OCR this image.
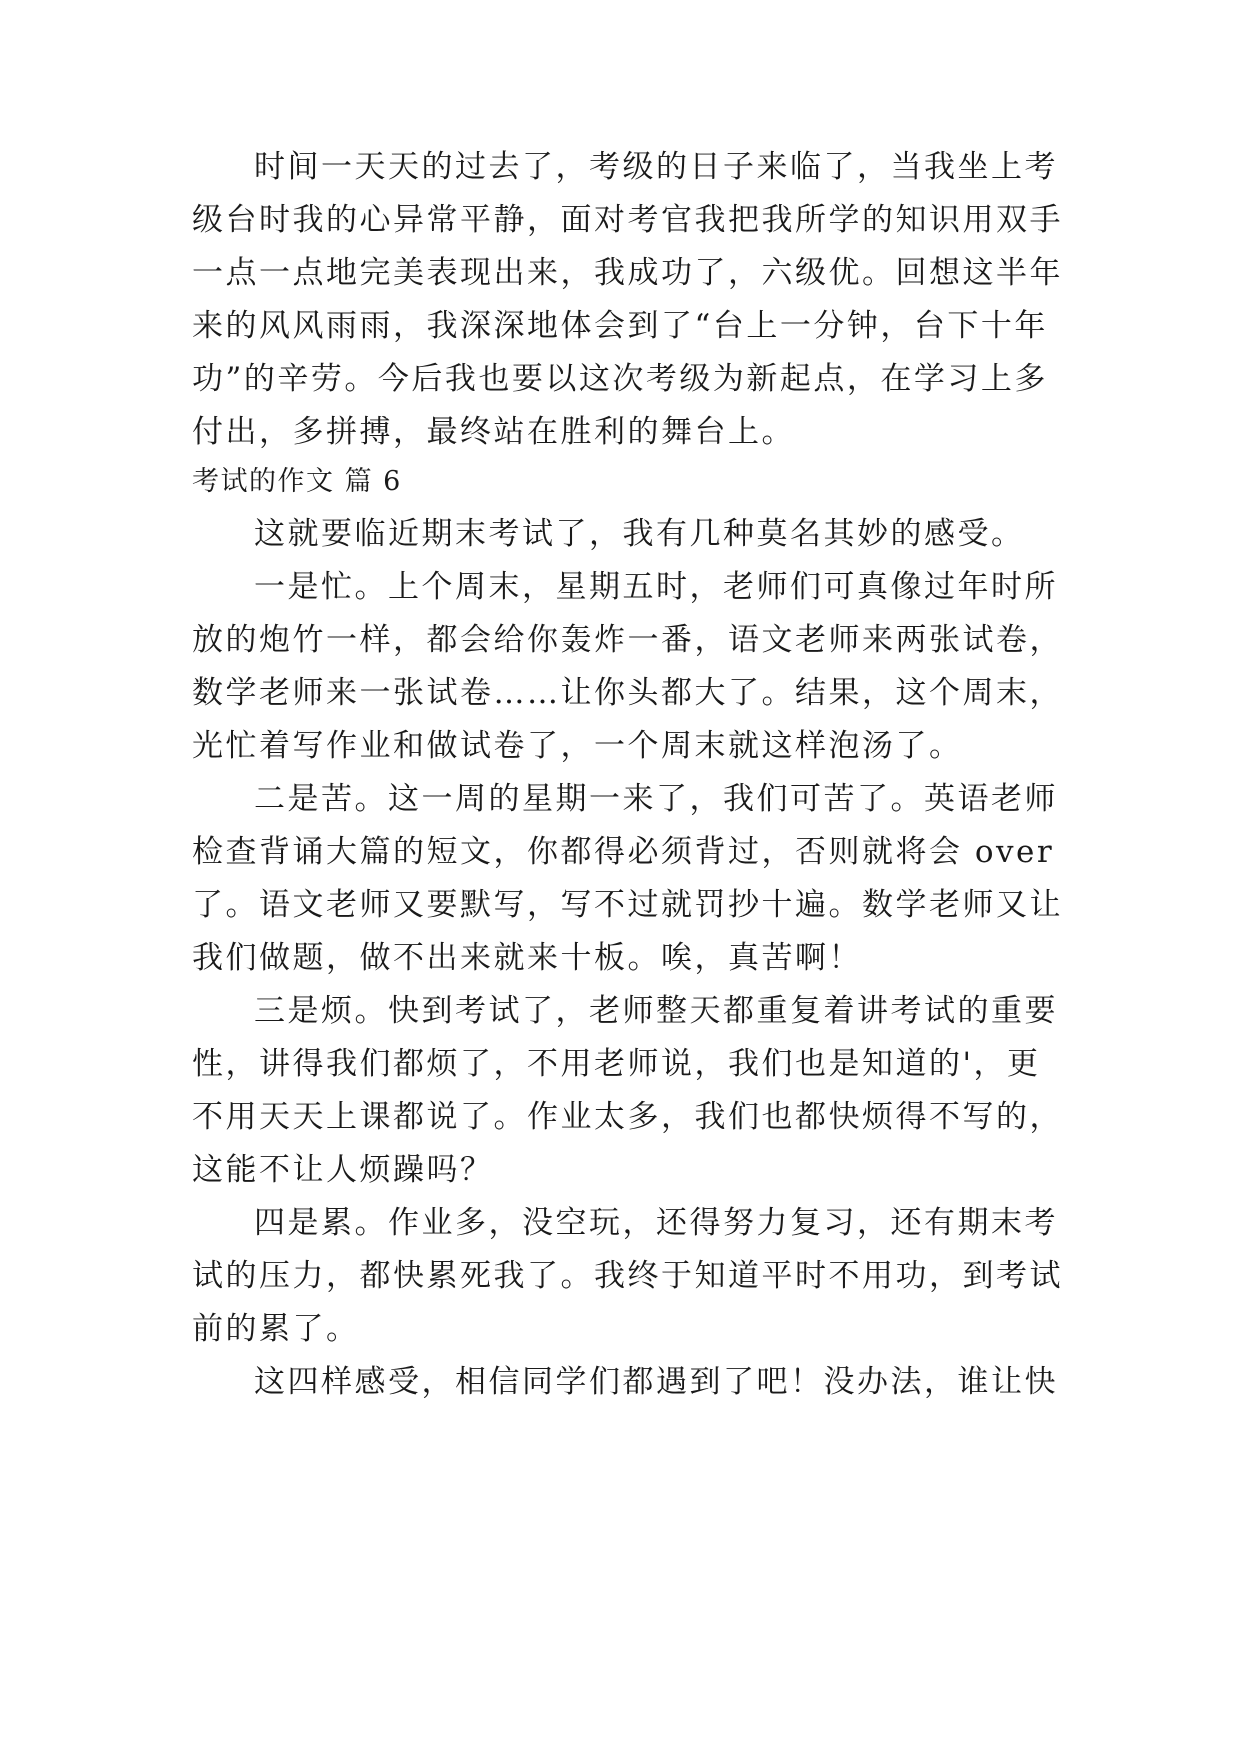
时间一天天的过去了，考级的日子来临了，当我坐上考
级台时我的心异常平静，面对考官我把我所学的知识用双手
一点一点地完美表现出来，我成功了，六级优。回想这半年
来的风风雨雨，我深深地体会到了“台上一分钟，台下十年
功”的辛劳。今后我也要以这次考级为新起点，在学习上多
付出，多拼搏，最终站在胜利的舞台上。
考试的作文 篇 6
这就要临近期末考试了，我有几种莫名其妙的感受。
一是忙。上个周末，星期五时，老师们可真像过年时所
放的炮竹一样，都会给你轰炸一番，语文老师来两张试卷，
数学老师来一张试卷……让你头都大了。结果，这个周末，
光忙着写作业和做试卷了，一个周末就这样泡汤了。
二是苦。这一周的星期一来了，我们可苦了。英语老师
检查背诵大篇的短文，你都得必须背过，否则就将会 over
了。语文老师又要默写，写不过就罚抄十遍。数学老师又让
我们做题，做不出来就来十板。唉，真苦啊！
三是烦。快到考试了，老师整天都重复着讲考试的重要
性，讲得我们都烦了，不用老师说，我们也是知道的'，更
不用天天上课都说了。作业太多，我们也都快烦得不写的，
这能不让人烦躁吗？
四是累。作业多，没空玩，还得努力复习，还有期末考
试的压力，都快累死我了。我终于知道平时不用功，到考试
前的累了。
这四样感受，相信同学们都遇到了吧！没办法，谁让快
